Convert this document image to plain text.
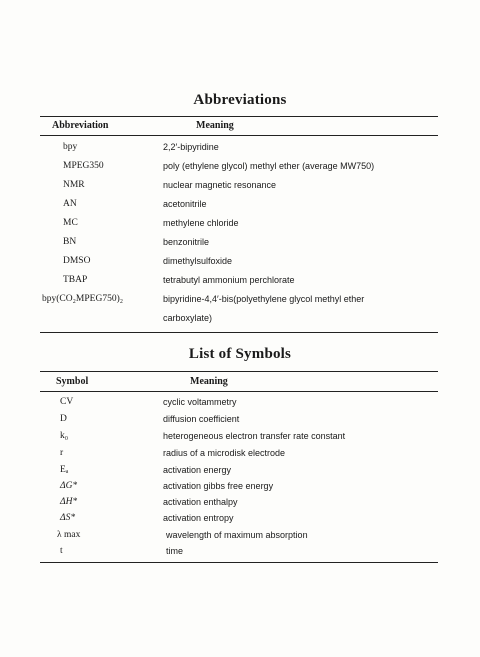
Abbreviations
Abbreviation	Meaning
bpy	2,2′-bipyridine
MPEG350	poly (ethylene glycol) methyl ether (average MW750)
NMR	nuclear magnetic resonance
AN	acetonitrile
MC	methylene chloride
BN	benzonitrile
DMSO	dimethylsulfoxide
TBAP	tetrabutyl ammonium perchlorate
bpy(CO₂MPEG750)₂	bipyridine-4,4′-bis(polyethylene glycol methyl ether
carboxylate)
List of Symbols
Symbol	Meaning
CV	cyclic voltammetry
D	diffusion coefficient
k₀	heterogeneous electron transfer rate constant
r	radius of a microdisk electrode
Eₐ	activation energy
ΔG*	activation gibbs free energy
ΔH*	activation enthalpy
ΔS*	activation entropy
λ max	wavelength of maximum absorption
t	time
